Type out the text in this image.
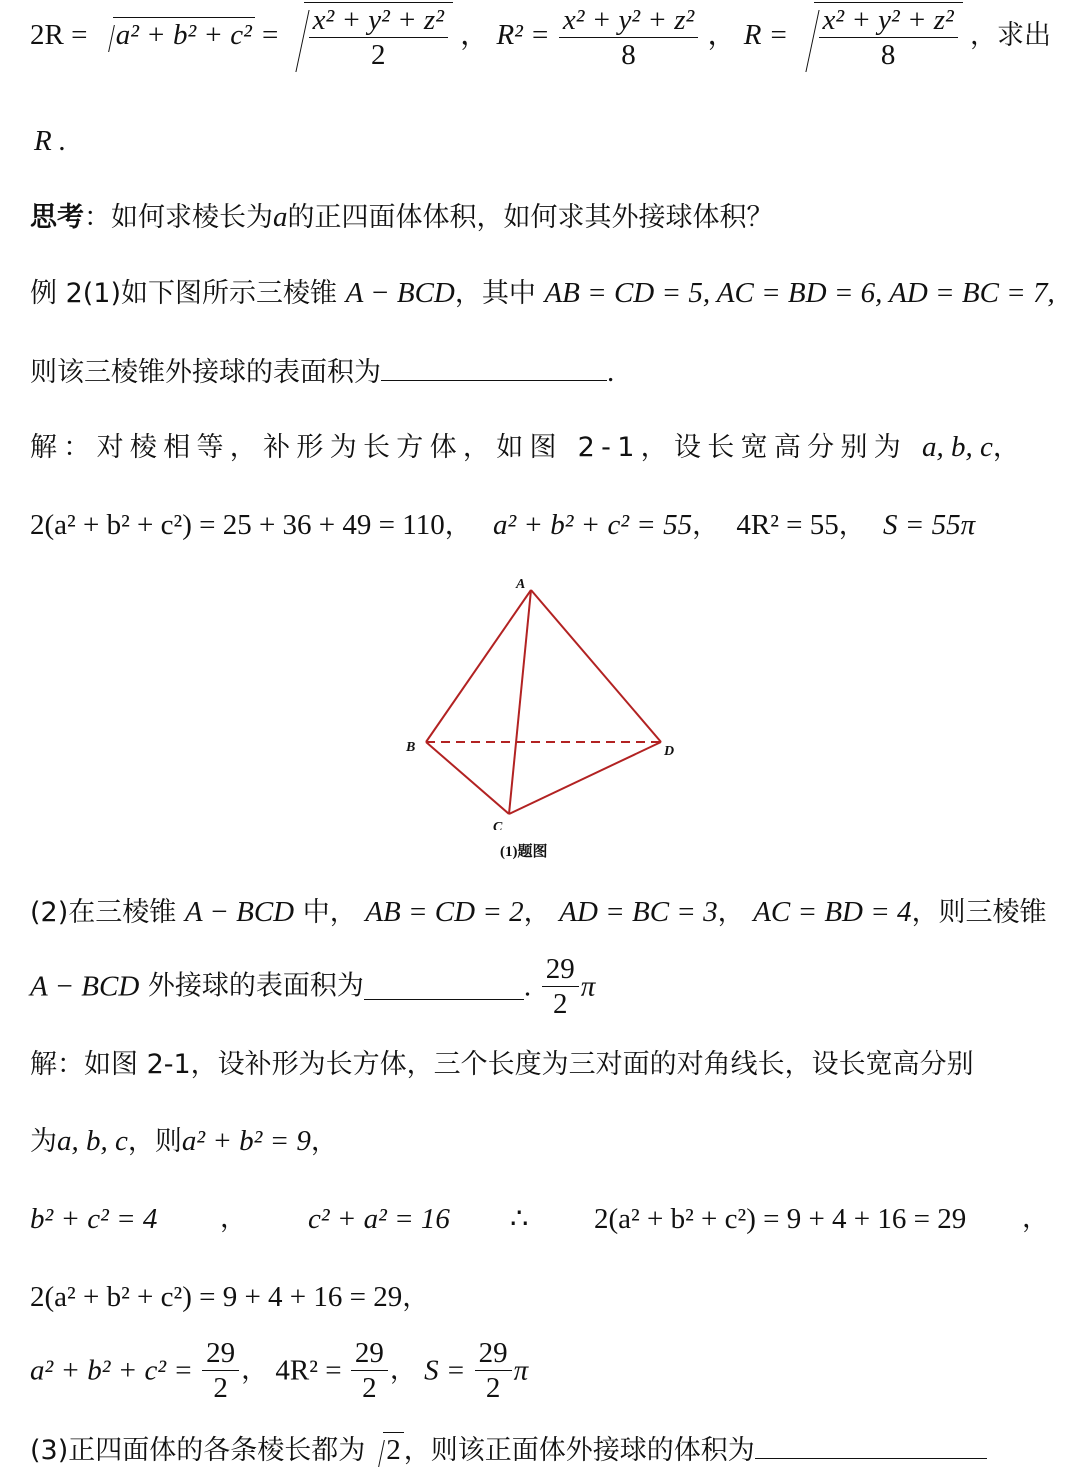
$2R = a^2 + b^2 + c^2 = \frac{\text{x² + y² + z²}}{2}$ ， $R^2 = \frac{\text{x² + y² + z²}}{8}$ ， $R = \frac{\text{x² + y² + z²}}{8}$ ，求出
R .
思考：如何求棱长为a的正四面体体积，如何求其外接球体积？
例 2(1)如下图所示三棱锥 A − BCD，其中 AB = CD = 5, AC = BD = 6, AD = BC = 7,
则该三棱锥外接球的表面积为	.
解：对棱相等，补形为长方体，如图 2-1，设长宽高分别为 a, b, c，
2(a² + b² + c²) = 25 + 36 + 49 = 110， a² + b² + c² = 55， 4R² = 55， S = 55π
A
B
C
D
(1)题图
(2)在三棱锥 A − BCD 中， AB = CD = 2， AD = BC = 3， AC = BD = 4，则三棱锥
A − BCD 外接球的表面积为	. $\frac{29}{2}$ π
解：如图 2-1，设补形为长方体，三个长度为三对面的对角线长，设长宽高分别
为a, b, c，则a² + b² = 9，
b² + c² = 4 ， c² + a² = 16 ∴ 2(a² + b² + c²) = 9 + 4 + 16 = 29 ，
2(a² + b² + c²) = 9 + 4 + 16 = 29，
$a^2 + b^2 + c^2 = \frac{29}{2}$ ， $4R^2 = \frac{29}{2}$ ， $S = \frac{29}{2}$ π
(3)正四面体的各条棱长都为 2 ，则该正面体外接球的体积为
